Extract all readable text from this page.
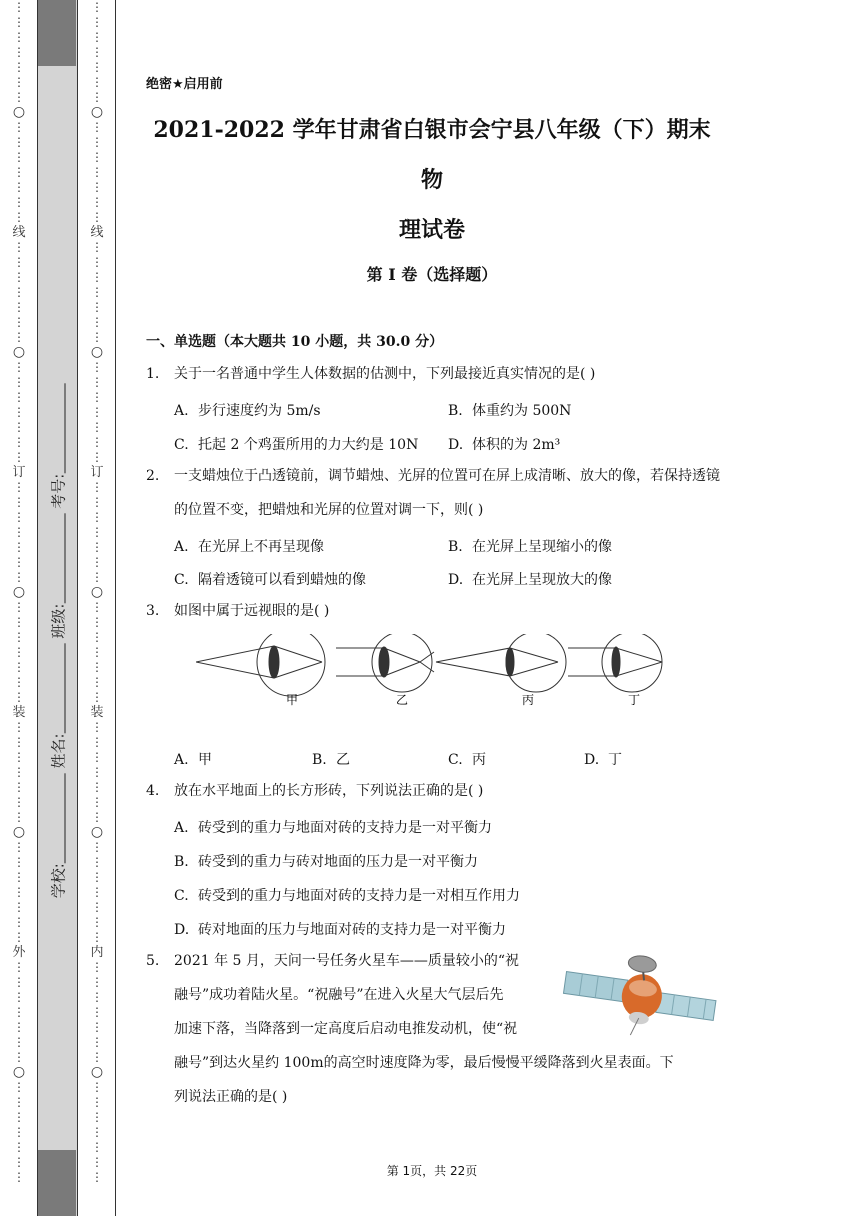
⋮
⋮
⋮
⋮
⋮
⋮
⋮
○
⋮
⋮
⋮
⋮
⋮
⋮
⋮
线
⋮
⋮
⋮
⋮
⋮
⋮
⋮
○
⋮
⋮
⋮
⋮
⋮
⋮
⋮
订
⋮
⋮
⋮
⋮
⋮
⋮
⋮
○
⋮
⋮
⋮
⋮
⋮
⋮
⋮
装
⋮
⋮
⋮
⋮
⋮
⋮
⋮
○
⋮
⋮
⋮
⋮
⋮
⋮
⋮
外
⋮
⋮
⋮
⋮
⋮
⋮
⋮
○
⋮
⋮
⋮
⋮
⋮
⋮
⋮
学校: 姓名: 班级: 考号:
⋮
⋮
⋮
⋮
⋮
⋮
⋮
○
⋮
⋮
⋮
⋮
⋮
⋮
⋮
线
⋮
⋮
⋮
⋮
⋮
⋮
⋮
○
⋮
⋮
⋮
⋮
⋮
⋮
⋮
订
⋮
⋮
⋮
⋮
⋮
⋮
⋮
○
⋮
⋮
⋮
⋮
⋮
⋮
⋮
装
⋮
⋮
⋮
⋮
⋮
⋮
⋮
○
⋮
⋮
⋮
⋮
⋮
⋮
⋮
内
⋮
⋮
⋮
⋮
⋮
⋮
⋮
○
⋮
⋮
⋮
⋮
⋮
⋮
⋮
绝密★启用前
2021-2022 学年甘肃省白银市会宁县八年级（下）期末物
理试卷
第 I 卷（选择题）
一、单选题（本大题共 10 小题，共 30.0 分）
1. 关于一名普通中学生人体数据的估测中，下列最接近真实情况的是( )
A. 步行速度约为 5m/s	B. 体重约为 500N
C. 托起 2 个鸡蛋所用的力大约是 10N D. 体积的为 2m³
2. 一支蜡烛位于凸透镜前，调节蜡烛、光屏的位置可在屏上成清晰、放大的像，若保持透镜的位置不变，把蜡烛和光屏的位置对调一下，则( )
A. 在光屏上不再呈现像	B. 在光屏上呈现缩小的像
C. 隔着透镜可以看到蜡烛的像	D. 在光屏上呈现放大的像
3. 如图中属于远视眼的是( )
A. 甲	B. 乙	C. 丙	D. 丁
4. 放在水平地面上的长方形砖，下列说法正确的是( )
A. 砖受到的重力与地面对砖的支持力是一对平衡力
B. 砖受到的重力与砖对地面的压力是一对平衡力
C. 砖受到的重力与地面对砖的支持力是一对相互作用力
D. 砖对地面的压力与地面对砖的支持力是一对平衡力
5. 2021 年 5 月，天问一号任务火星车——质量较小的“祝
融号”成功着陆火星。“祝融号”在进入火星大气层后先
加速下落，当降落到一定高度后启动电推发动机，使“祝
融号”到达火星约 100m的高空时速度降为零，最后慢慢平缓降落到火星表面。下
列说法正确的是( )
甲	乙	丙	丁
第 1页，共 22页
